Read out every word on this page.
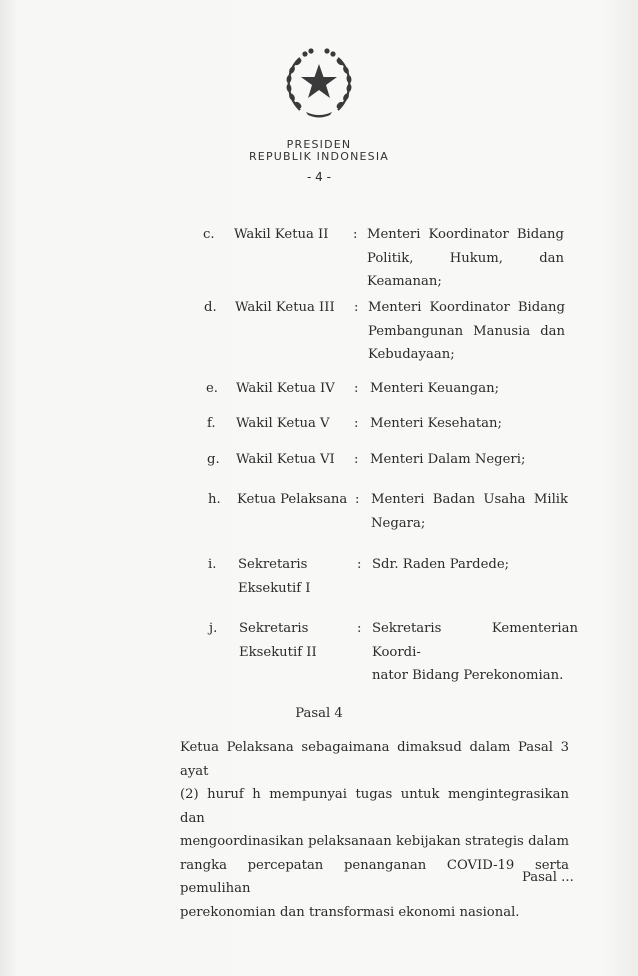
PRESIDEN
REPUBLIK INDONESIA
- 4 -
c.	Wakil Ketua II	: Menteri Koordinator Bidang
Politik, Hukum, dan
Keamanan;
d.	Wakil Ketua III	: Menteri Koordinator Bidang
Pembangunan Manusia dan
Kebudayaan;
e.	Wakil Ketua IV	: Menteri Keuangan;
f.	Wakil Ketua V	: Menteri Kesehatan;
g.	Wakil Ketua VI	: Menteri Dalam Negeri;
h.	Ketua Pelaksana : Menteri Badan Usaha Milik
Negara;
i.	Sekretaris
Eksekutif I
: Sdr. Raden Pardede;
j.	Sekretaris
Eksekutif II
: Sekretaris Kementerian Koordi-
nator Bidang Perekonomian.
Pasal 4
Ketua Pelaksana sebagaimana dimaksud dalam Pasal 3 ayat
(2) huruf h mempunyai tugas untuk mengintegrasikan dan
mengoordinasikan pelaksanaan kebijakan strategis dalam
rangka percepatan penanganan COVID-19 serta pemulihan
perekonomian dan transformasi ekonomi nasional.
Pasal ...
